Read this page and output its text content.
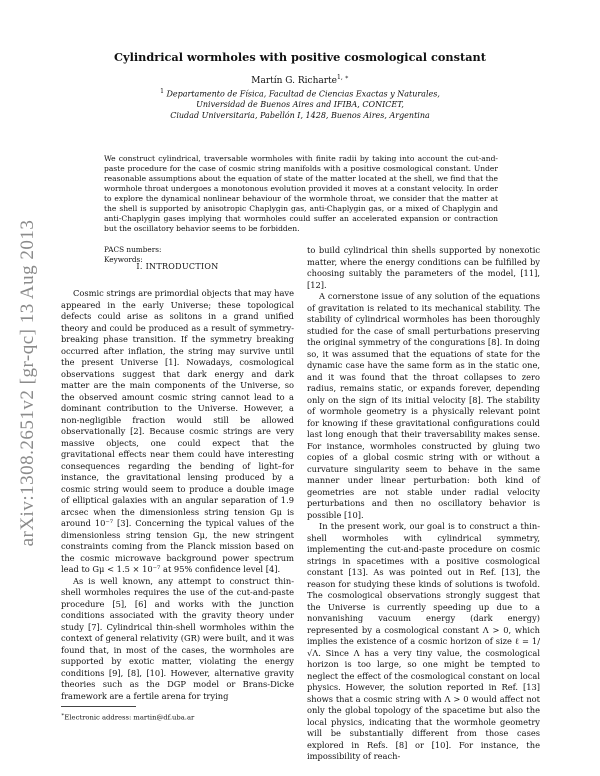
arXiv:1308.2651v2 [gr-qc] 13 Aug 2013
Cylindrical wormholes with positive cosmological constant
Martín G. Richarte$^{1, ∗}$
$^1$ Departamento de Física, Facultad de Ciencias Exactas y Naturales,
Universidad de Buenos Aires and IFIBA, CONICET,
Ciudad Universitaria, Pabellón I, 1428, Buenos Aires, Argentina
We construct cylindrical, traversable wormholes with finite radii by taking into account the cut-and-paste procedure for the case of cosmic string manifolds with a positive cosmological constant. Under reasonable assumptions about the equation of state of the matter located at the shell, we find that the wormhole throat undergoes a monotonous evolution provided it moves at a constant velocity. In order to explore the dynamical nonlinear behaviour of the wormhole throat, we consider that the matter at the shell is supported by anisotropic Chaplygin gas, anti-Chaplygin gas, or a mixed of Chaplygin and anti-Chaplygin gases implying that wormholes could suffer an accelerated expansion or contraction but the oscillatory behavior seems to be forbidden.
PACS numbers:
Keywords:
I. INTRODUCTION

Cosmic strings are primordial objects that may have appeared in the early Universe; these topological defects could arise as solitons in a grand unified theory and could be produced as a result of symmetry-breaking phase transition. If the symmetry breaking occurred after inflation, the string may survive until the present Universe [1]. Nowadays, cosmological observations suggest that dark energy and dark matter are the main components of the Universe, so the observed amount cosmic string cannot lead to a dominant contribution to the Universe. However, a non-negligible fraction would still be allowed observationally [2]. Because cosmic strings are very massive objects, one could expect that the gravitational effects near them could have interesting consequences regarding the bending of light–for instance, the gravitational lensing produced by a cosmic string would seem to produce a double image of elliptical galaxies with an angular separation of 1.9 arcsec when the dimensionless string tension Gμ is around 10⁻⁷ [3]. Concerning the typical values of the dimensionless string tension Gμ, the new stringent constraints coming from the Planck mission based on the cosmic microwave background power spectrum lead to Gμ < 1.5 × 10⁻⁷ at 95% confidence level [4].

As is well known, any attempt to construct thin-shell wormholes requires the use of the cut-and-paste procedure [5], [6] and works with the junction conditions associated with the gravity theory under study [7]. Cylindrical thin-shell wormholes within the context of general relativity (GR) were built, and it was found that, in most of the cases, the wormholes are supported by exotic matter, violating the energy conditions [9], [8], [10]. However, alternative gravity theories such as the DGP model or Brans-Dicke framework are a fertile arena for trying

to build cylindrical thin shells supported by nonexotic matter, where the energy conditions can be fulfilled by choosing suitably the parameters of the model, [11], [12].

A cornerstone issue of any solution of the equations of gravitation is related to its mechanical stability. The stability of cylindrical wormholes has been thoroughly studied for the case of small perturbations preserving the original symmetry of the congurations [8]. In doing so, it was assumed that the equations of state for the dynamic case have the same form as in the static one, and it was found that the throat collapses to zero radius, remains static, or expands forever, depending only on the sign of its initial velocity [8]. The stability of wormhole geometry is a physically relevant point for knowing if these gravitational configurations could last long enough that their traversability makes sense. For instance, wormholes constructed by gluing two copies of a global cosmic string with or without a curvature singularity seem to behave in the same manner under linear perturbation: both kind of geometries are not stable under radial velocity perturbations and then no oscillatory behavior is possible [10].

In the present work, our goal is to construct a thin-shell wormholes with cylindrical symmetry, implementing the cut-and-paste procedure on cosmic strings in spacetimes with a positive cosmological constant [13]. As was pointed out in Ref. [13], the reason for studying these kinds of solutions is twofold. The cosmological observations strongly suggest that the Universe is currently speeding up due to a nonvanishing vacuum energy (dark energy) represented by a cosmological constant Λ > 0, which implies the existence of a cosmic horizon of size ℓ = 1/√Λ. Since Λ has a very tiny value, the cosmological horizon is too large, so one might be tempted to neglect the effect of the cosmological constant on local physics. However, the solution reported in Ref. [13] shows that a cosmic string with Λ > 0 would affect not only the global topology of the spacetime but also the local physics, indicating that the wormhole geometry will be substantially different from those cases explored in Refs. [8] or [10]. For instance, the impossibility of reach-

∗Electronic address: martin@df.uba.ar
